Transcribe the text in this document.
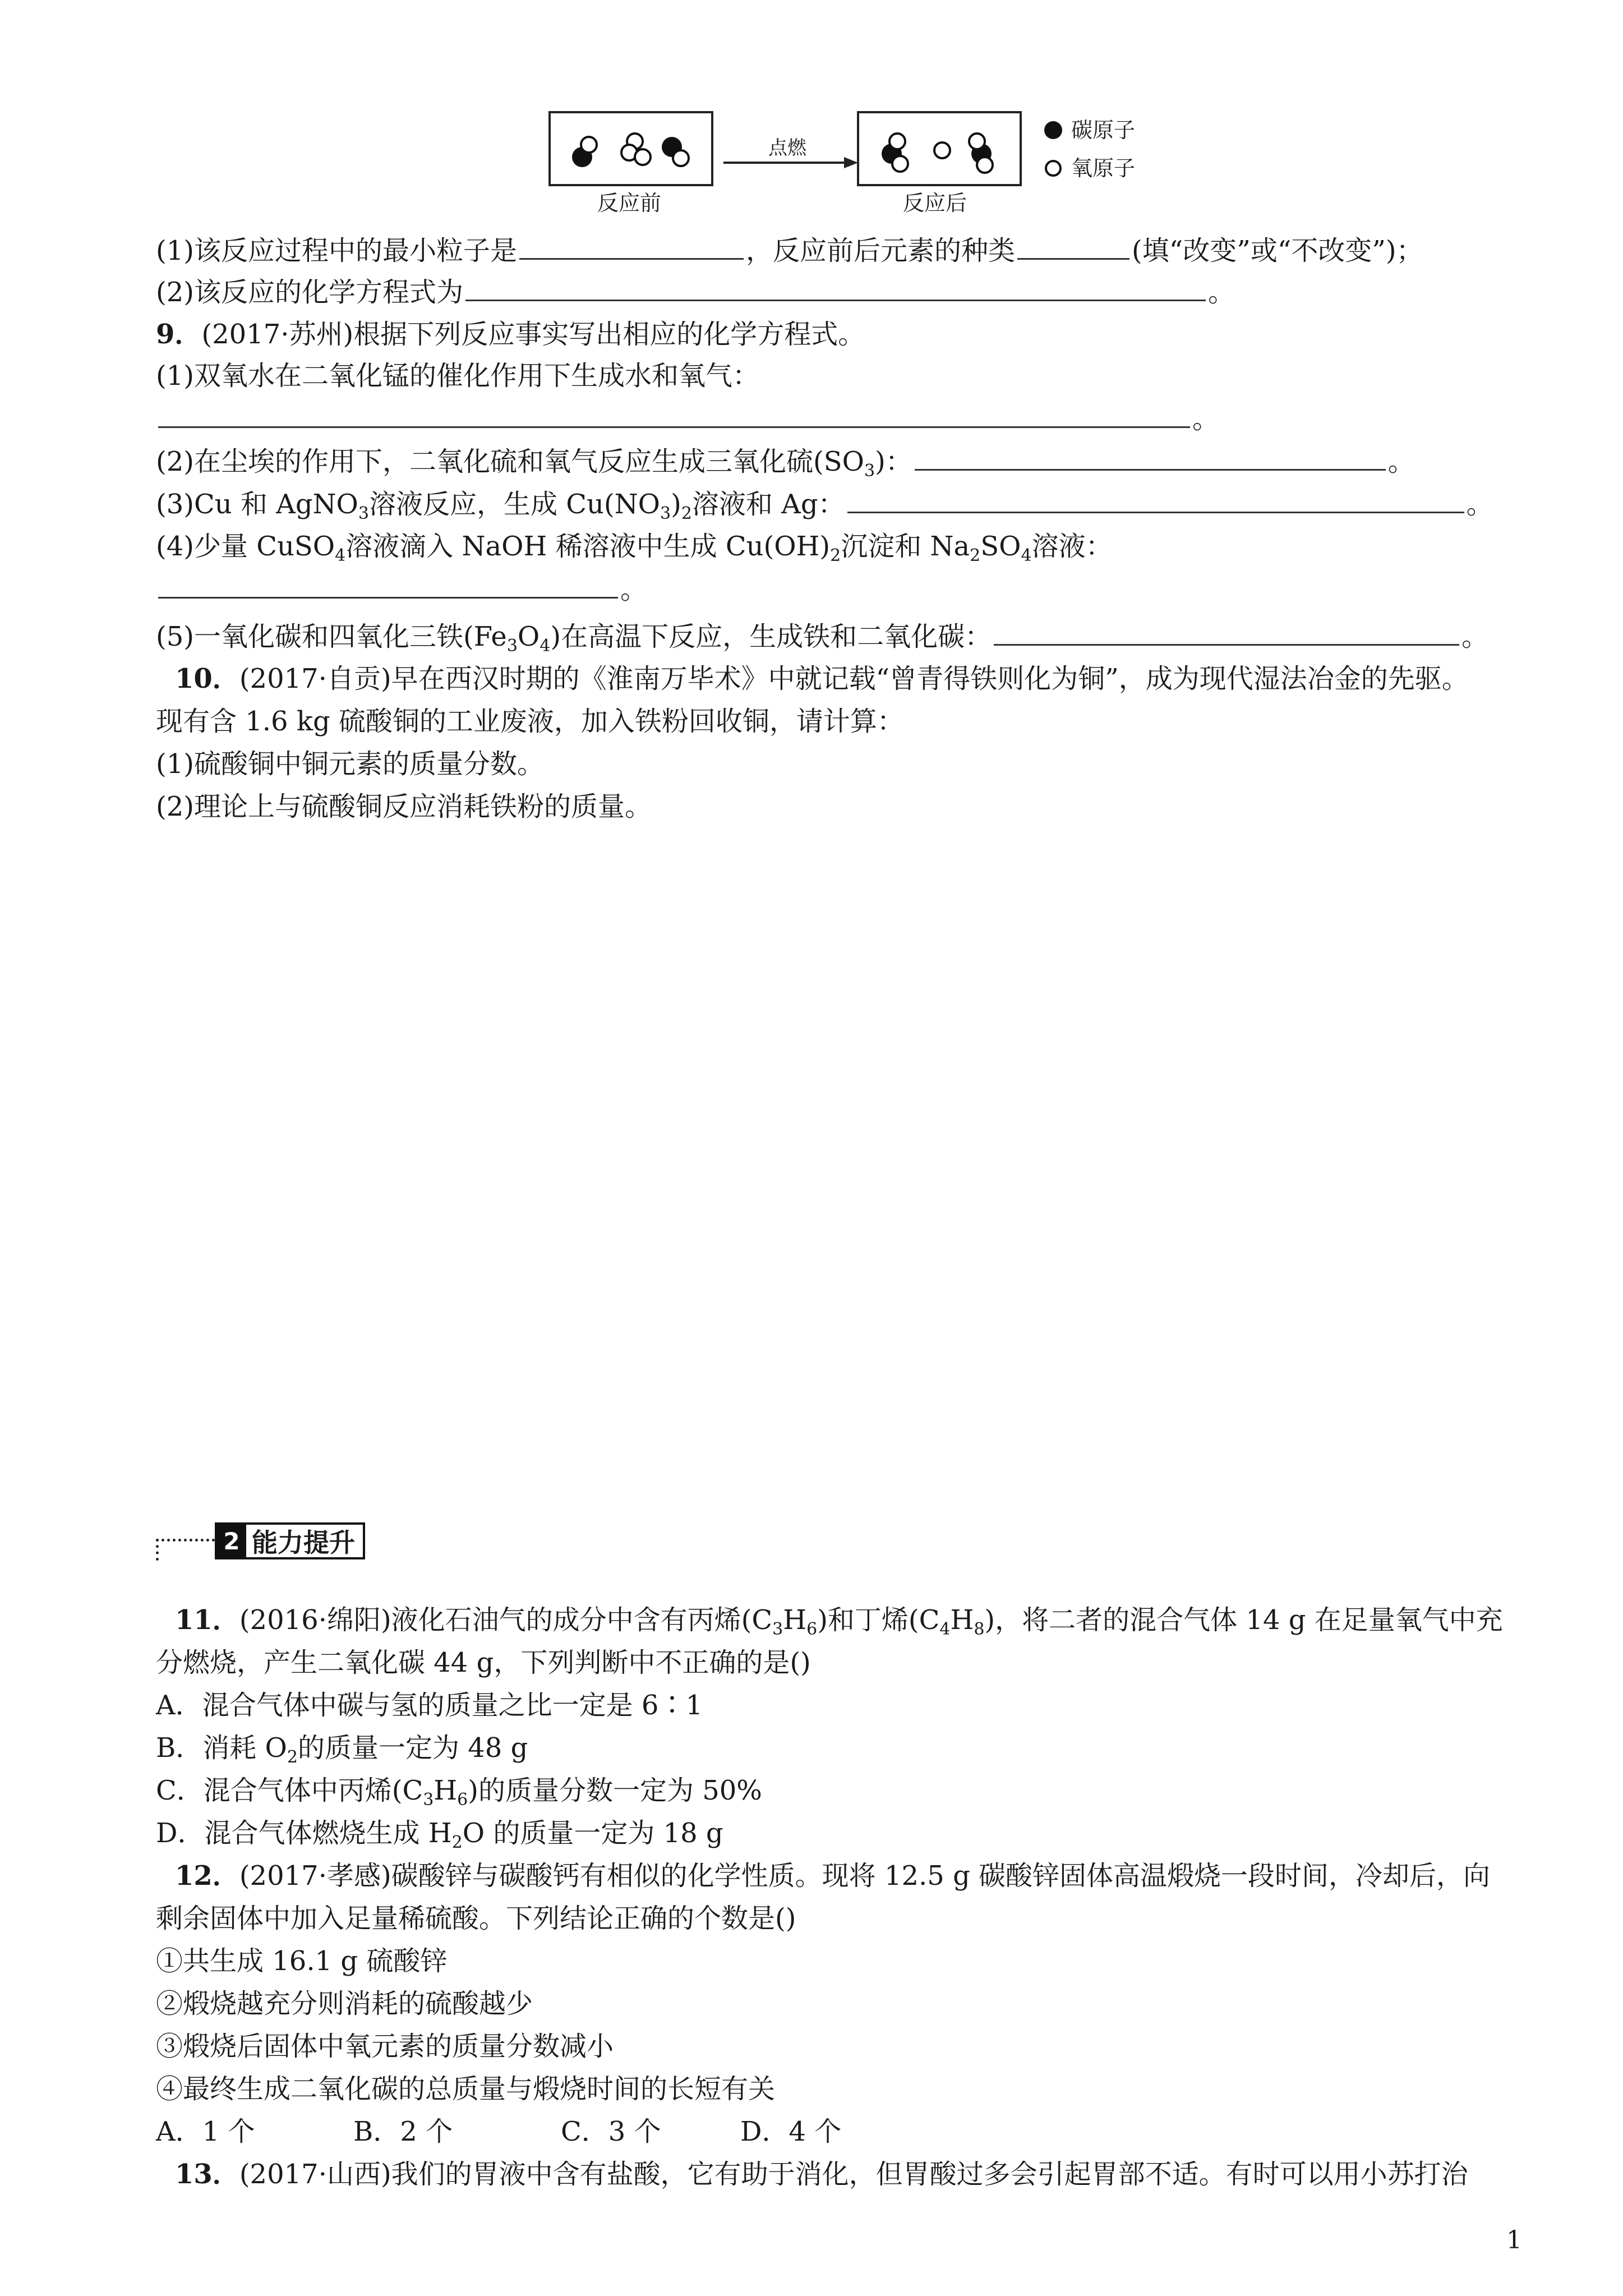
反应前	反应后
点燃
碳原子
氧原子
(1)该反应过程中的最小粒子是	，反应前后元素的种类	(填“改变”或“不改变”)；
(2)该反应的化学方程式为	。
9．(2017·苏州)根据下列反应事实写出相应的化学方程式。
(1)双氧水在二氧化锰的催化作用下生成水和氧气：
。
(2)在尘埃的作用下，二氧化硫和氧气反应生成三氧化硫$(SO_3)$：	。
(3)Cu 和 AgNO$_3$溶液反应，生成 $Cu(NO_3)_2$溶液和 Ag：	。
(4)少量 CuSO$_4$溶液滴入 NaOH 稀溶液中生成 $Cu(OH)_2$沉淀和 $Na_2SO_4$溶液：
。
(5)一氧化碳和四氧化三铁$(Fe_3O_4)$在高温下反应，生成铁和二氧化碳：	。
10．(2017·自贡)早在西汉时期的《淮南万毕术》中就记载“曾青得铁则化为铜”，成为现代湿法冶金的先驱。
现有含 1.6 kg 硫酸铜的工业废液，加入铁粉回收铜，请计算：
(1)硫酸铜中铜元素的质量分数。
(2)理论上与硫酸铜反应消耗铁粉的质量。
2 能力提升
11．(2016·绵阳)液化石油气的成分中含有丙烯$(C_3H_6)$和丁烯$(C_4H_8)$，将二者的混合气体 14 g 在足量氧气中充
分燃烧，产生二氧化碳 44 g，下列判断中不正确的是()
A．混合气体中碳与氢的质量之比一定是 6∶1
B．消耗 $O_2$的质量一定为 48 g
C．混合气体中丙烯$(C_3H_6)$的质量分数一定为 50%
D．混合气体燃烧生成 $H_2O$ 的质量一定为 18 g
12．(2017·孝感)碳酸锌与碳酸钙有相似的化学性质。现将 12.5 g 碳酸锌固体高温煅烧一段时间，冷却后，向
剩余固体中加入足量稀硫酸。下列结论正确的个数是()
①共生成 16.1 g 硫酸锌
②煅烧越充分则消耗的硫酸越少
③煅烧后固体中氧元素的质量分数减小
④最终生成二氧化碳的总质量与煅烧时间的长短有关
A．1 个	B．2 个	C．3 个	D．4 个
13．(2017·山西)我们的胃液中含有盐酸，它有助于消化，但胃酸过多会引起胃部不适。有时可以用小苏打治
1
